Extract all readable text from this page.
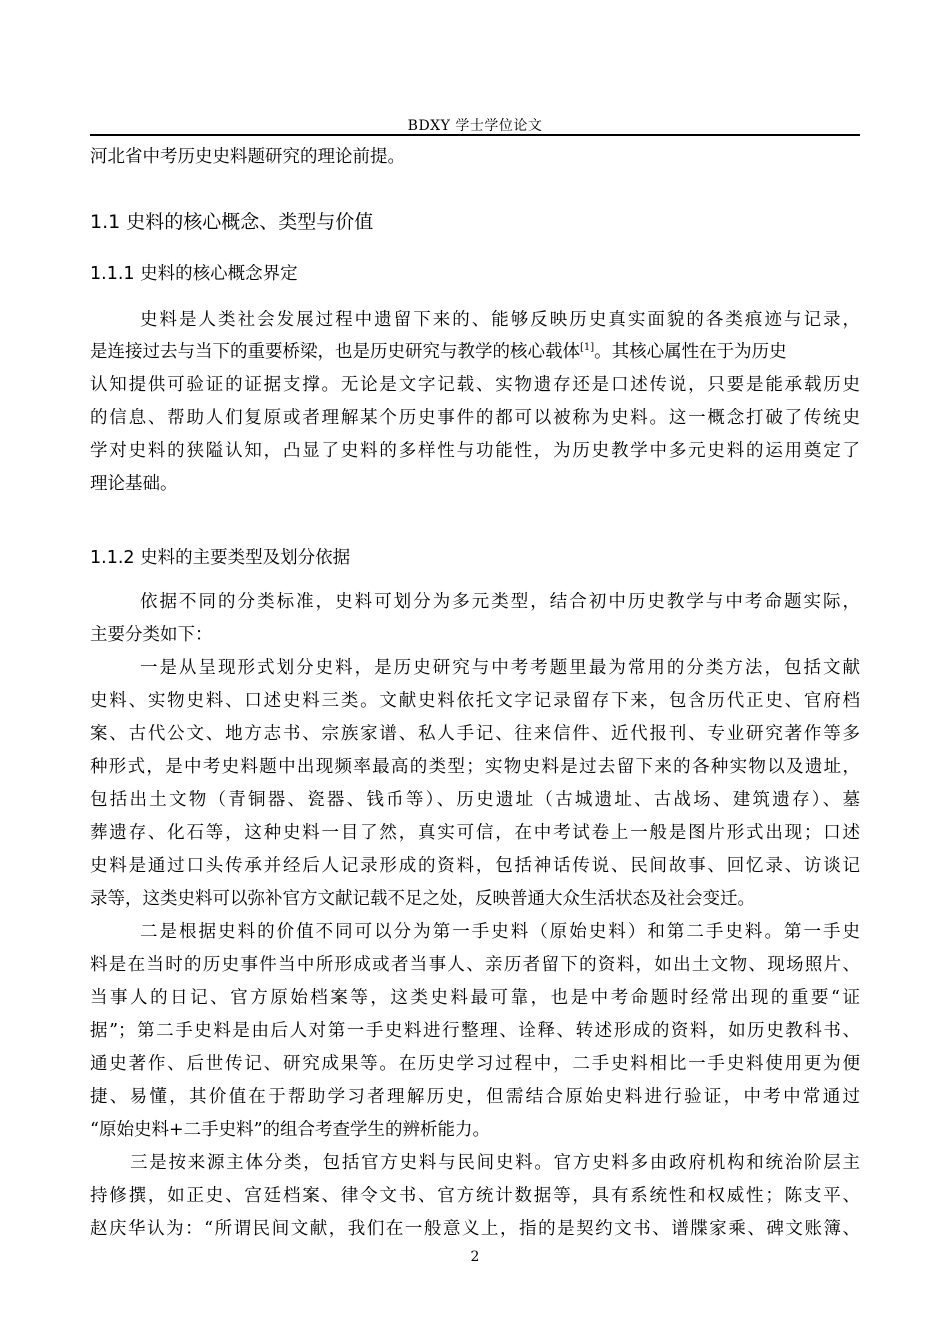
BDXY 学士学位论文
河北省中考历史史料题研究的理论前提。
1.1 史料的核心概念、类型与价值
1.1.1 史料的核心概念界定
史料是人类社会发展过程中遗留下来的、能够反映历史真实面貌的各类痕迹与记录，
是连接过去与当下的重要桥梁，也是历史研究与教学的核心载体[1]。其核心属性在于为历史
认知提供可验证的证据支撑。无论是文字记载、实物遗存还是口述传说，只要是能承载历史
的信息、帮助人们复原或者理解某个历史事件的都可以被称为史料。这一概念打破了传统史
学对史料的狭隘认知，凸显了史料的多样性与功能性，为历史教学中多元史料的运用奠定了
理论基础。
1.1.2 史料的主要类型及划分依据
依据不同的分类标准，史料可划分为多元类型，结合初中历史教学与中考命题实际，
主要分类如下：
一是从呈现形式划分史料，是历史研究与中考考题里最为常用的分类方法，包括文献
史料、实物史料、口述史料三类。文献史料依托文字记录留存下来，包含历代正史、官府档
案、古代公文、地方志书、宗族家谱、私人手记、往来信件、近代报刊、专业研究著作等多
种形式，是中考史料题中出现频率最高的类型；实物史料是过去留下来的各种实物以及遗址，
包括出土文物（青铜器、瓷器、钱币等）、历史遗址（古城遗址、古战场、建筑遗存）、墓
葬遗存、化石等，这种史料一目了然，真实可信，在中考试卷上一般是图片形式出现；口述
史料是通过口头传承并经后人记录形成的资料，包括神话传说、民间故事、回忆录、访谈记
录等，这类史料可以弥补官方文献记载不足之处，反映普通大众生活状态及社会变迁。
二是根据史料的价值不同可以分为第一手史料（原始史料）和第二手史料。第一手史
料是在当时的历史事件当中所形成或者当事人、亲历者留下的资料，如出土文物、现场照片、
当事人的日记、官方原始档案等，这类史料最可靠，也是中考命题时经常出现的重要“证
据”；第二手史料是由后人对第一手史料进行整理、诠释、转述形成的资料，如历史教科书、
通史著作、后世传记、研究成果等。在历史学习过程中，二手史料相比一手史料使用更为便
捷、易懂，其价值在于帮助学习者理解历史，但需结合原始史料进行验证，中考中常通过
“原始史料+二手史料”的组合考查学生的辨析能力。
三是按来源主体分类，包括官方史料与民间史料。官方史料多由政府机构和统治阶层主
持修撰，如正史、宫廷档案、律令文书、官方统计数据等，具有系统性和权威性；陈支平、
赵庆华认为：“所谓民间文献，我们在一般意义上，指的是契约文书、谱牒家乘、碑文账簿、
2
